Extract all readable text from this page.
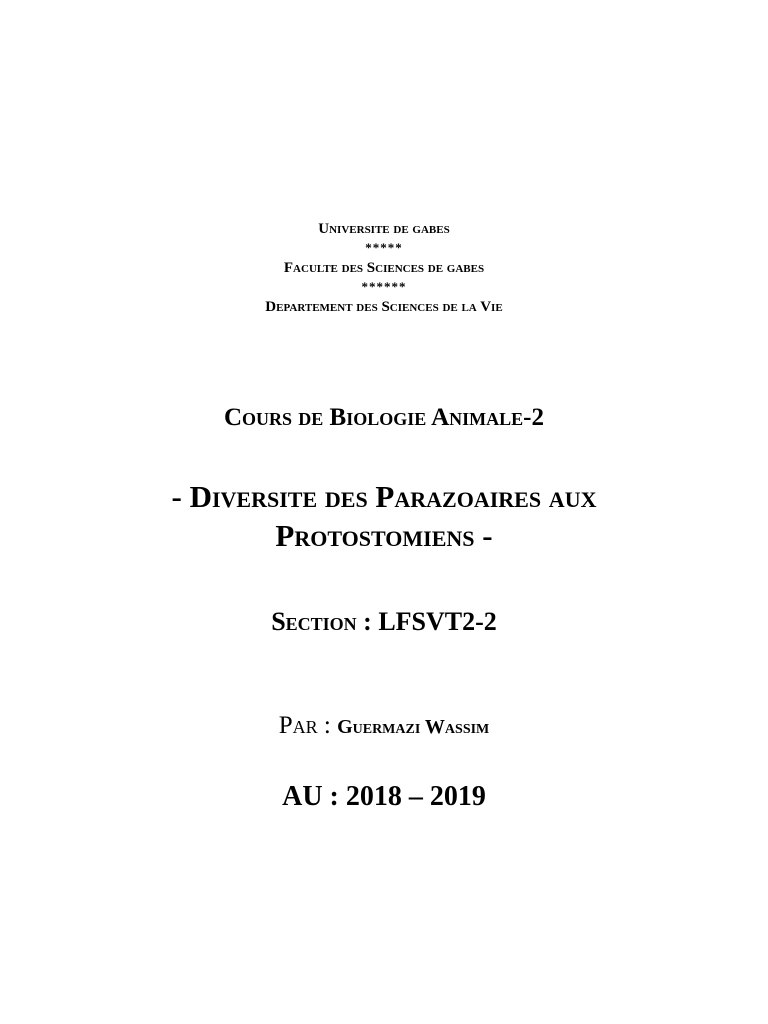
Universite de gabes
*****
Faculte des Sciences de gabes
******
Departement des Sciences de la Vie
Cours de Biologie Animale-2
- Diversite des Parazoaires aux
Protostomiens -
Section : LFSVT2-2
Par : Guermazi Wassim
AU : 2018 – 2019
